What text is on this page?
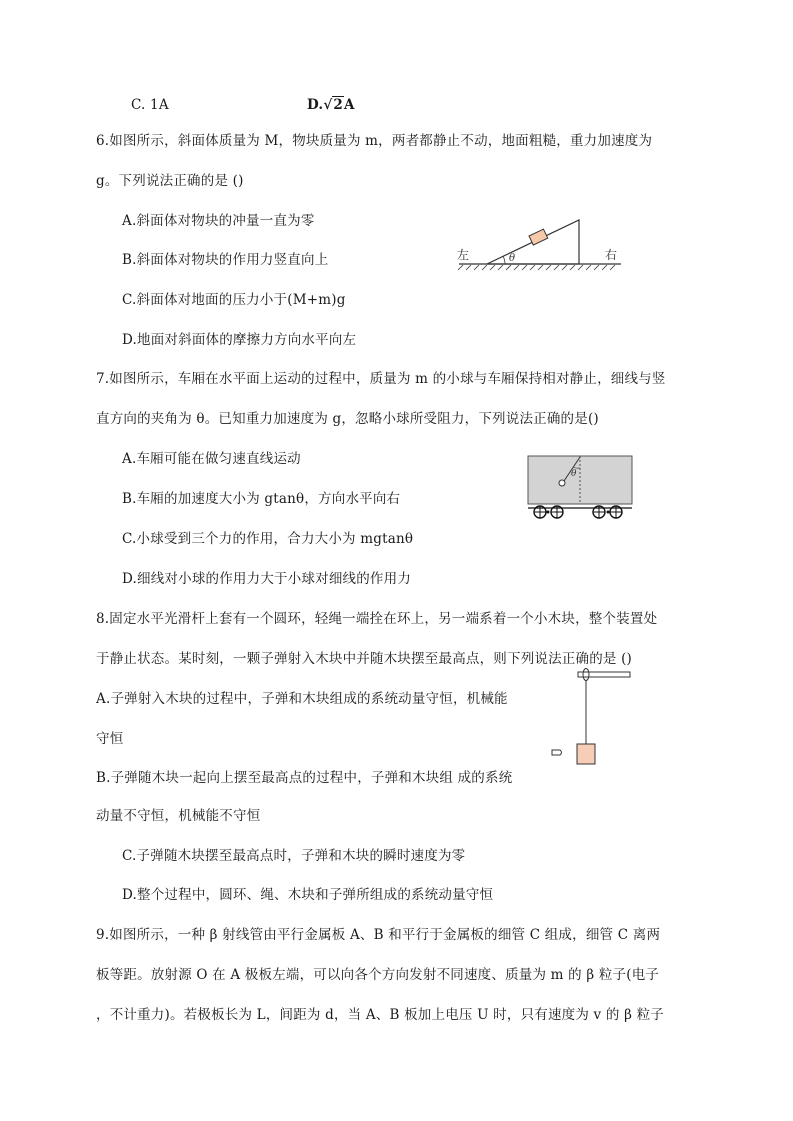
C. 1A	D.√2A
6.如图所示，斜面体质量为 M，物块质量为 m，两者都静止不动，地面粗糙，重力加速度为
g。下列说法正确的是 ()
A.斜面体对物块的冲量一直为零
B.斜面体对物块的作用力竖直向上
C.斜面体对地面的压力小于(M+m)g
D.地面对斜面体的摩擦力方向水平向左
θ
左	右
7.如图所示，车厢在水平面上运动的过程中，质量为 m 的小球与车厢保持相对静止，细线与竖
直方向的夹角为 θ。已知重力加速度为 g，忽略小球所受阻力，下列说法正确的是()
A.车厢可能在做匀速直线运动
B.车厢的加速度大小为 gtanθ，方向水平向右
C.小球受到三个力的作用，合力大小为 mgtanθ
D.细线对小球的作用力大于小球对细线的作用力
θ
8.固定水平光滑杆上套有一个圆环，轻绳一端拴在环上，另一端系着一个小木块，整个装置处
于静止状态。某时刻，一颗子弹射入木块中并随木块摆至最高点，则下列说法正确的是 ()
A.子弹射入木块的过程中，子弹和木块组成的系统动量守恒，机械能
守恒
B.子弹随木块一起向上摆至最高点的过程中，子弹和木块组 成的系统
动量不守恒，机械能不守恒
C.子弹随木块摆至最高点时，子弹和木块的瞬时速度为零
D.整个过程中，圆环、绳、木块和子弹所组成的系统动量守恒
9.如图所示，一种 β 射线管由平行金属板 A、B 和平行于金属板的细管 C 组成，细管 C 离两
板等距。放射源 O 在 A 极板左端，可以向各个方向发射不同速度、质量为 m 的 β 粒子(电子
，不计重力)。若极板长为 L，间距为 d，当 A、B 板加上电压 U 时，只有速度为 v 的 β 粒子
